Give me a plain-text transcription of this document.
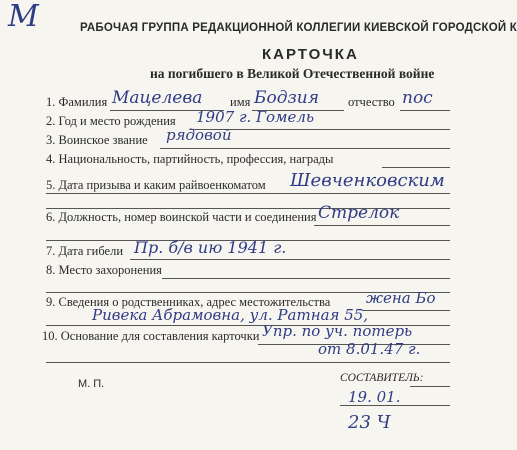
M	РАБОЧАЯ ГРУППА РЕДАКЦИОННОЙ КОЛЛЕГИИ КИЕВСКОЙ ГОРОДСКОЙ К
КАРТОЧКА
на погибшего в Великой Отечественной войне
1. Фамилия Мацелева имя Бодзия отчество пос
2. Год и место рождения 1907 г. Гомель
3. Воинское звание рядовой
4. Национальность, партийность, профессия, награды
5. Дата призыва и каким райвоенкоматом Шевченковским
6. Должность, номер воинской части и соединения Стрелок
7. Дата гибели Пр. б/в ию 1941 г.
8. Место захоронения
9. Сведения о родственниках, адрес местожительства жена Бо
Ривека Абрамовна, ул. Ратная 55,
10. Основание для составления карточки Упр. по уч. потерь
от 8.01.47 г.
М. П.	СОСТАВИТЕЛЬ:
19. 01.
23 Ч
